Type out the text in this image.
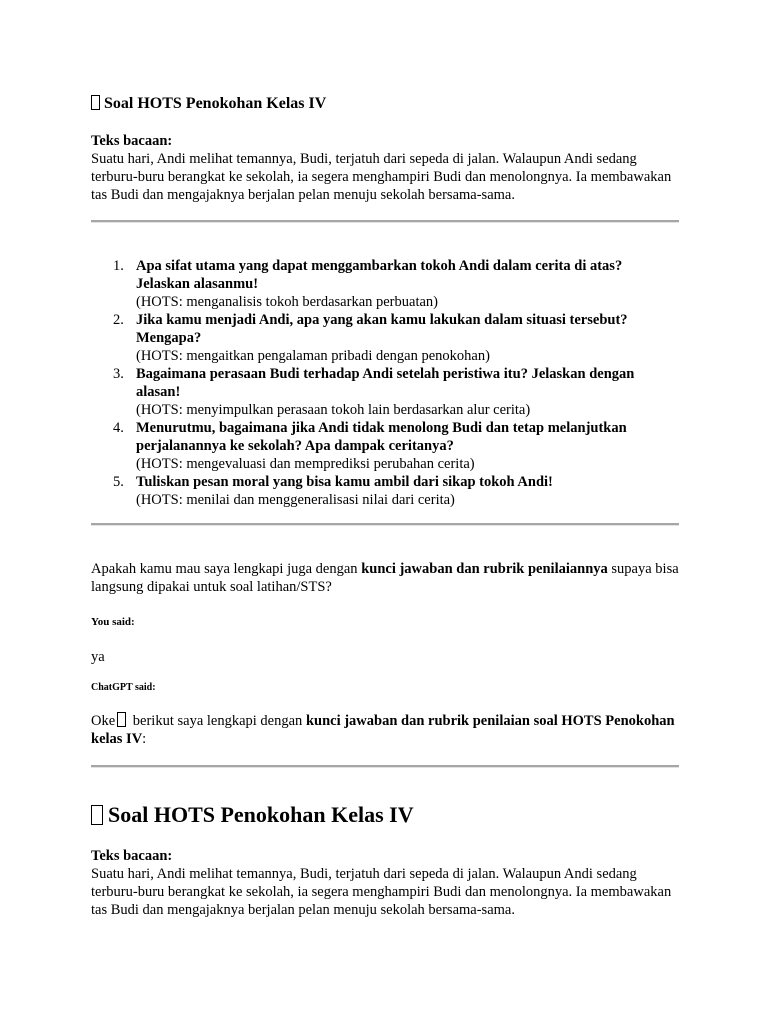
Soal HOTS Penokohan Kelas IV
Teks bacaan:
Suatu hari, Andi melihat temannya, Budi, terjatuh dari sepeda di jalan. Walaupun Andi sedang terburu-buru berangkat ke sekolah, ia segera menghampiri Budi dan menolongnya. Ia membawakan tas Budi dan mengajaknya berjalan pelan menuju sekolah bersama-sama.
1. Apa sifat utama yang dapat menggambarkan tokoh Andi dalam cerita di atas? Jelaskan alasanmu!
(HOTS: menganalisis tokoh berdasarkan perbuatan)
2. Jika kamu menjadi Andi, apa yang akan kamu lakukan dalam situasi tersebut? Mengapa?
(HOTS: mengaitkan pengalaman pribadi dengan penokohan)
3. Bagaimana perasaan Budi terhadap Andi setelah peristiwa itu? Jelaskan dengan alasan!
(HOTS: menyimpulkan perasaan tokoh lain berdasarkan alur cerita)
4. Menurutmu, bagaimana jika Andi tidak menolong Budi dan tetap melanjutkan perjalanannya ke sekolah? Apa dampak ceritanya?
(HOTS: mengevaluasi dan memprediksi perubahan cerita)
5. Tuliskan pesan moral yang bisa kamu ambil dari sikap tokoh Andi!
(HOTS: menilai dan menggeneralisasi nilai dari cerita)
Apakah kamu mau saya lengkapi juga dengan kunci jawaban dan rubrik penilaiannya supaya bisa langsung dipakai untuk soal latihan/STS?
You said:
ya
ChatGPT said:
Oke berikut saya lengkapi dengan kunci jawaban dan rubrik penilaian soal HOTS Penokohan kelas IV:
Soal HOTS Penokohan Kelas IV
Teks bacaan:
Suatu hari, Andi melihat temannya, Budi, terjatuh dari sepeda di jalan. Walaupun Andi sedang terburu-buru berangkat ke sekolah, ia segera menghampiri Budi dan menolongnya. Ia membawakan tas Budi dan mengajaknya berjalan pelan menuju sekolah bersama-sama.
